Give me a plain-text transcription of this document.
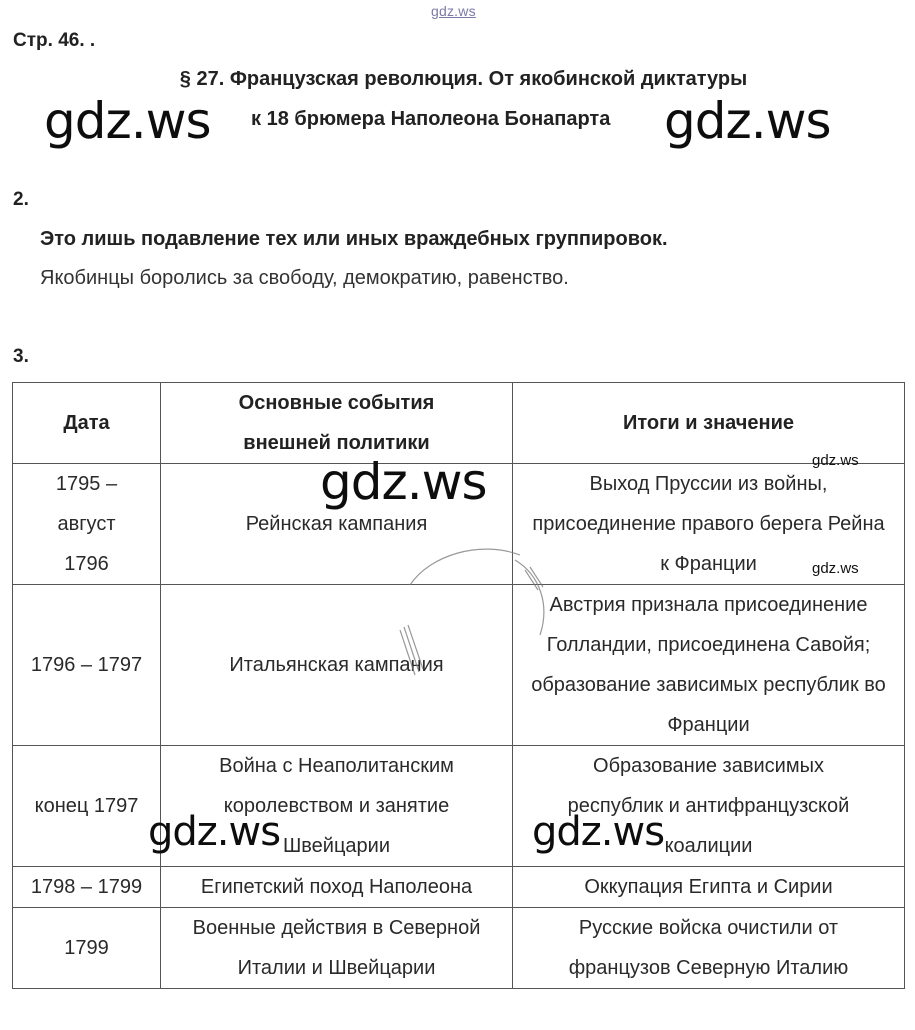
gdz.ws
Стр. 46. .
§ 27. Французская революция. От якобинской диктатуры
к 18 брюмера Наполеона Бонапарта
2.
Это лишь подавление тех или иных враждебных группировок.
Якобинцы боролись за свободу, демократию, равенство.
3.
Дата	Основные события внешней политики	Итоги и значение
1795 – август 1796	Рейнская кампания	Выход Пруссии из войны, присоединение правого берега Рейна к Франции
1796 – 1797	Итальянская кампания	Австрия признала присоединение Голландии, присоединена Савойя; образование зависимых республик во Франции
конец 1797	Война с Неаполитанским королевством и занятие Швейцарии	Образование зависимых республик и антифранцузской коалиции
1798 – 1799	Египетский поход Наполеона	Оккупация Египта и Сирии
1799	Военные действия в Северной Италии и Швейцарии	Русские войска очистили от французов Северную Италию
gdz.ws	gdz.ws
gdz.ws
gdz.ws	gdz.ws
gdz.ws
gdz.ws
